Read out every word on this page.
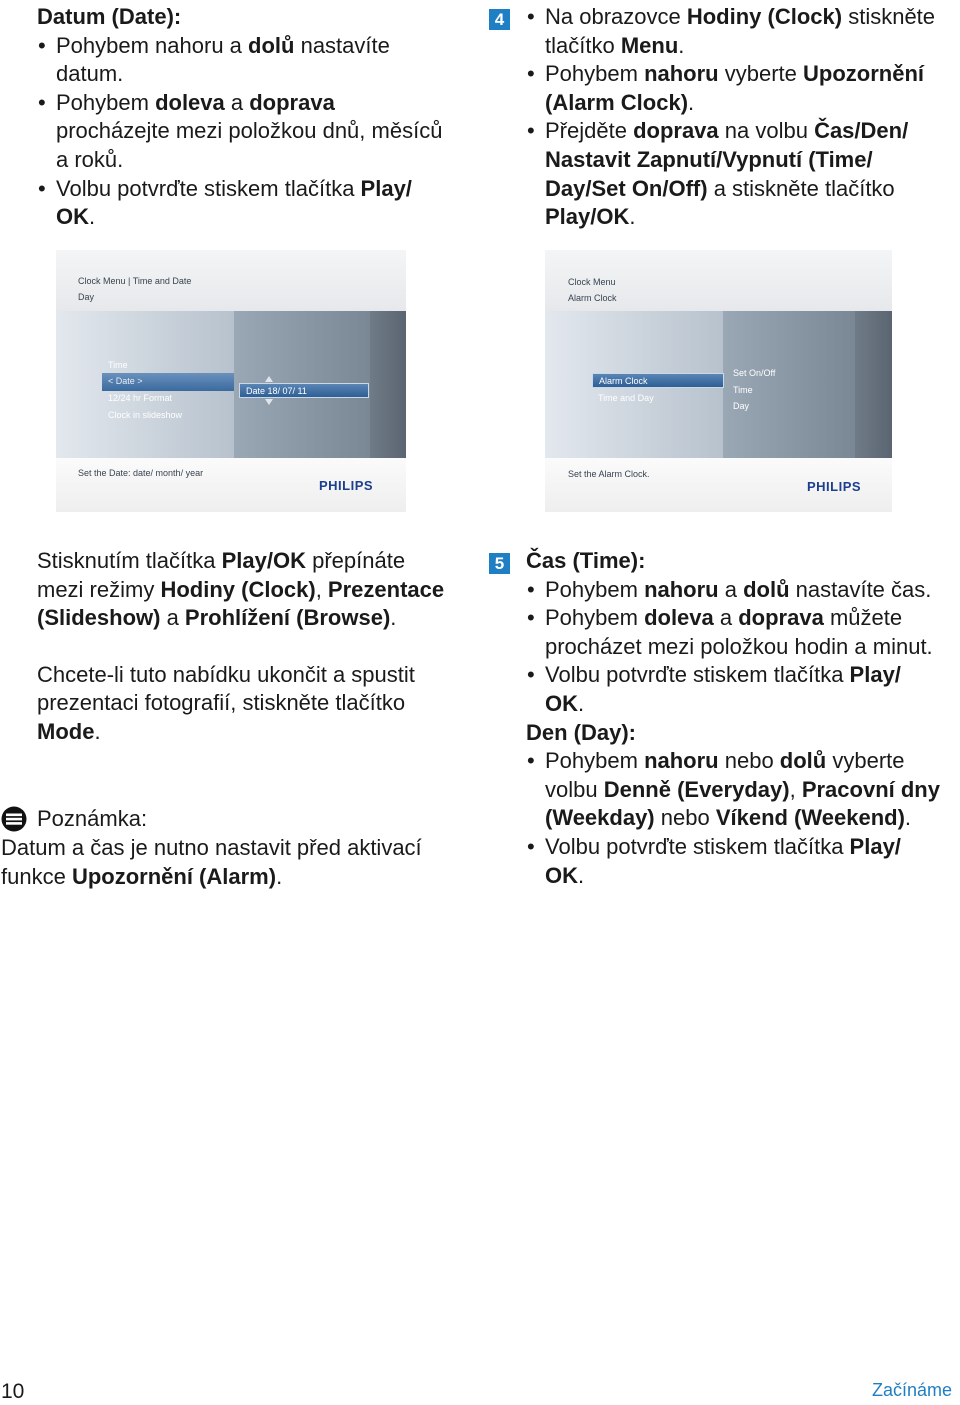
Datum (Date):

• Pohybem nahoru a dolů nastavíte datum.
• Pohybem doleva a doprava procházejte mezi položkou dnů, měsíců a roků.
• Volbu potvrďte stiskem tlačítka Play/ OK.
4
•	Na obrazovce Hodiny (Clock) stiskněte tlačítko Menu.
• Pohybem nahoru vyberte Upozornění (Alarm Clock).
• Přejděte doprava na volbu Čas/Den/ Nastavit Zapnutí/Vypnutí (Time/ Day/Set On/Off) a stiskněte tlačítko Play/OK.
Clock Menu | Time and Date
Day
Time
< Date >
12/24 hr Format
Clock in slideshow
Date 18/ 07/ 11
Set the Date: date/ month/ year
PHILIPS
Clock Menu
Alarm Clock
Alarm Clock
Time and Day
Set On/Off
Time
Day
Set the Alarm Clock.
PHILIPS

Stisknutím tlačítka Play/OK přepínáte mezi režimy Hodiny (Clock), Prezentace (Slideshow) a Prohlížení (Browse).

Chcete-li tuto nabídku ukončit a spustit prezentaci fotografií, stiskněte tlačítko Mode.

Poznámka:
Datum a čas je nutno nastavit před aktivací funkce Upozornění (Alarm).
5 Čas (Time):

• Pohybem nahoru a dolů nastavíte čas.
• Pohybem doleva a doprava můžete procházet mezi položkou hodin a minut.
• Volbu potvrďte stiskem tlačítka Play/ OK.

Den (Day):

• Pohybem nahoru nebo dolů vyberte volbu Denně (Everyday), Pracovní dny (Weekday) nebo Víkend (Weekend).
• Volbu potvrďte stiskem tlačítka Play/ OK.
10	Začínáme
